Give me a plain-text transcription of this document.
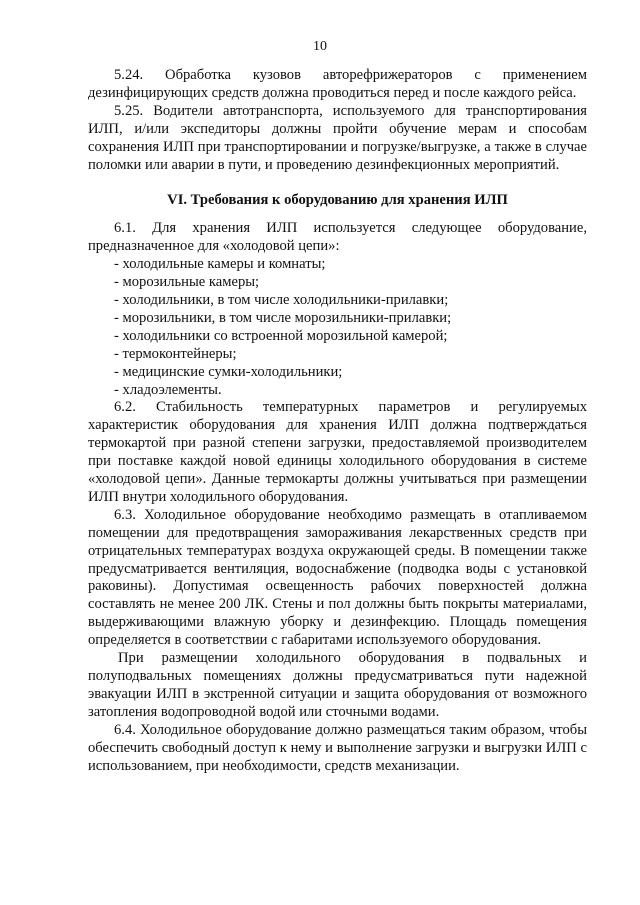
10

5.24. Обработка кузовов авторефрижераторов с применением дезинфицирующих средств должна проводиться перед и после каждого рейса.

5.25. Водители автотранспорта, используемого для транспортирования ИЛП, и/или экспедиторы должны пройти обучение мерам и способам сохранения ИЛП при транспортировании и погрузке/выгрузке, а также в случае поломки или аварии в пути, и проведению дезинфекционных мероприятий.

VI. Требования к оборудованию для хранения ИЛП

6.1. Для хранения ИЛП используется следующее оборудование, предназначенное для «холодовой цепи»:

- холодильные камеры и комнаты;
- морозильные камеры;
- холодильники, в том числе холодильники-прилавки;
- морозильники, в том числе морозильники-прилавки;
- холодильники со встроенной морозильной камерой;
- термоконтейнеры;
- медицинские сумки-холодильники;
- хладоэлементы.

6.2. Стабильность температурных параметров и регулируемых характеристик оборудования для хранения ИЛП должна подтверждаться термокартой при разной степени загрузки, предоставляемой производителем при поставке каждой новой единицы холодильного оборудования в системе «холодовой цепи». Данные термокарты должны учитываться при размещении ИЛП внутри холодильного оборудования.

6.3. Холодильное оборудование необходимо размещать в отапливаемом помещении для предотвращения замораживания лекарственных средств при отрицательных температурах воздуха окружающей среды. В помещении также предусматривается вентиляция, водоснабжение (подводка воды с установкой раковины). Допустимая освещенность рабочих поверхностей должна составлять не менее 200 ЛК. Стены и пол должны быть покрыты материалами, выдерживающими влажную уборку и дезинфекцию. Площадь помещения определяется в соответствии с габаритами используемого оборудования.

При размещении холодильного оборудования в подвальных и полуподвальных помещениях должны предусматриваться пути надежной эвакуации ИЛП в экстренной ситуации и защита оборудования от возможного затопления водопроводной водой или сточными водами.

6.4. Холодильное оборудование должно размещаться таким образом, чтобы обеспечить свободный доступ к нему и выполнение загрузки и выгрузки ИЛП с использованием, при необходимости, средств механизации.
